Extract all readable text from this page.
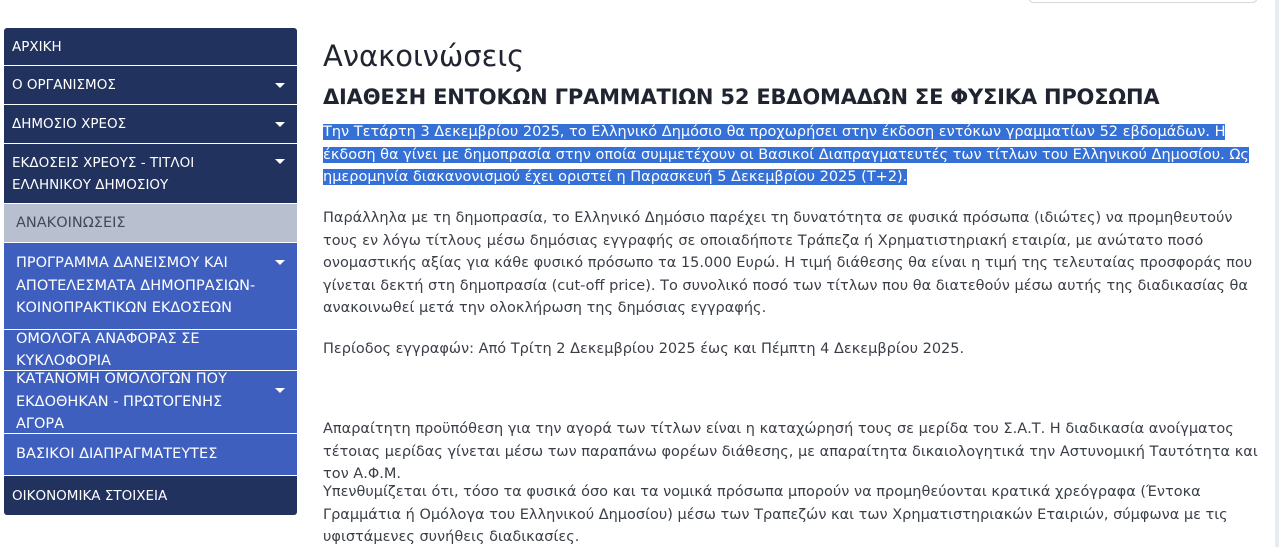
ΑΡΧΙΚΗ
Ο ΟΡΓΑΝΙΣΜΟΣ
ΔΗΜΟΣΙΟ ΧΡΕΟΣ
ΕΚΔΟΣΕΙΣ ΧΡΕΟΥΣ - ΤΙΤΛΟΙ ΕΛΛΗΝΙΚΟΥ ΔΗΜΟΣΙΟΥ
ΑΝΑΚΟΙΝΩΣΕΙΣ
ΠΡΟΓΡΑΜΜΑ ΔΑΝΕΙΣΜΟΥ ΚΑΙ ΑΠΟΤΕΛΕΣΜΑΤΑ ΔΗΜΟΠΡΑΣΙΩΝ-ΚΟΙΝΟΠΡΑΚΤΙΚΩΝ ΕΚΔΟΣΕΩΝ
ΟΜΟΛΟΓΑ ΑΝΑΦΟΡΑΣ ΣΕ ΚΥΚΛΟΦΟΡΙΑ
ΚΑΤΑΝΟΜΗ ΟΜΟΛΟΓΩΝ ΠΟΥ ΕΚΔΟΘΗΚΑΝ - ΠΡΩΤΟΓΕΝΗΣ ΑΓΟΡΑ
ΒΑΣΙΚΟΙ ΔΙΑΠΡΑΓΜΑΤΕΥΤΕΣ
ΟΙΚΟΝΟΜΙΚΑ ΣΤΟΙΧΕΙΑ
Ανακοινώσεις
ΔΙΑΘΕΣΗ ΕΝΤΟΚΩΝ ΓΡΑΜΜΑΤΙΩΝ 52 ΕΒΔΟΜΑΔΩΝ ΣΕ ΦΥΣΙΚΑ ΠΡΟΣΩΠΑ

Την Τετάρτη 3 Δεκεμβρίου 2025, το Ελληνικό Δημόσιο θα προχωρήσει στην έκδοση εντόκων γραμματίων 52 εβδομάδων. Η έκδοση θα γίνει με δημοπρασία στην οποία συμμετέχουν οι Βασικοί Διαπραγματευτές των τίτλων του Ελληνικού Δημοσίου. Ως ημερομηνία διακανονισμού έχει οριστεί η Παρασκευή 5 Δεκεμβρίου 2025 (T+2).

Παράλληλα με τη δημοπρασία, το Ελληνικό Δημόσιο παρέχει τη δυνατότητα σε φυσικά πρόσωπα (ιδιώτες) να προμηθευτούν τους εν λόγω τίτλους μέσω δημόσιας εγγραφής σε οποιαδήποτε Τράπεζα ή Χρηματιστηριακή εταιρία, με ανώτατο ποσό ονομαστικής αξίας για κάθε φυσικό πρόσωπο τα 15.000 Ευρώ. Η τιμή διάθεσης θα είναι η τιμή της τελευταίας προσφοράς που γίνεται δεκτή στη δημοπρασία (cut-off price). Το συνολικό ποσό των τίτλων που θα διατεθούν μέσω αυτής της διαδικασίας θα ανακοινωθεί μετά την ολοκλήρωση της δημόσιας εγγραφής.

Περίοδος εγγραφών: Από Τρίτη 2 Δεκεμβρίου 2025 έως και Πέμπτη 4 Δεκεμβρίου 2025.

Απαραίτητη προϋπόθεση για την αγορά των τίτλων είναι η καταχώρησή τους σε μερίδα του Σ.Α.Τ. Η διαδικασία ανοίγματος τέτοιας μερίδας γίνεται μέσω των παραπάνω φορέων διάθεσης, με απαραίτητα δικαιολογητικά την Αστυνομική Ταυτότητα και τον Α.Φ.Μ.

Υπενθυμίζεται ότι, τόσο τα φυσικά όσο και τα νομικά πρόσωπα μπορούν να προμηθεύονται κρατικά χρεόγραφα (Έντοκα Γραμμάτια ή Ομόλογα του Ελληνικού Δημοσίου) μέσω των Τραπεζών και των Χρηματιστηριακών Εταιριών, σύμφωνα με τις υφιστάμενες συνήθεις διαδικασίες.
